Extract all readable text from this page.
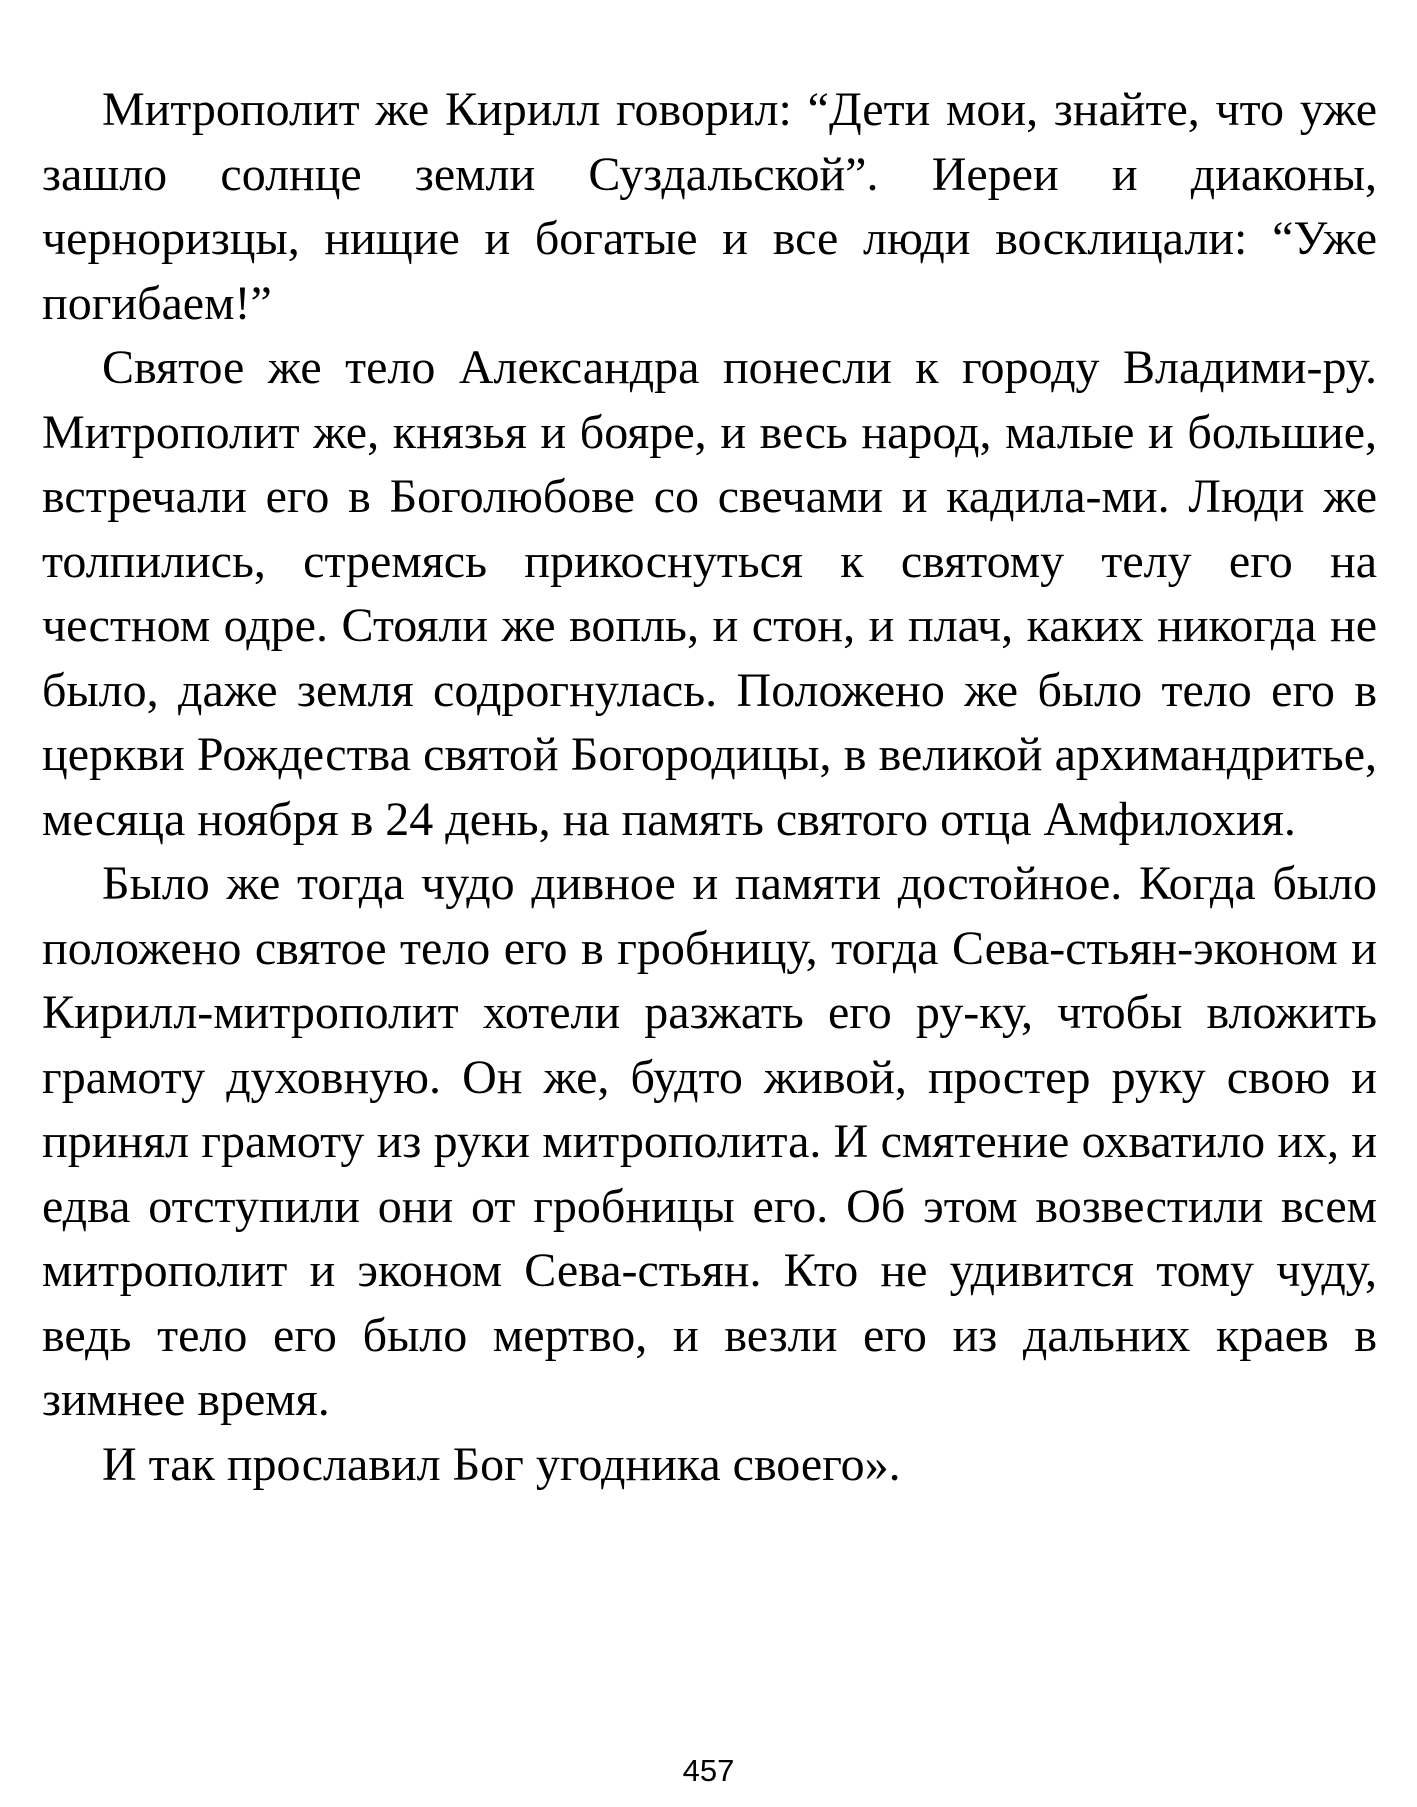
Митрополит же Кирилл говорил: “Дети мои, знайте, что уже зашло солнце земли Суздальской”. Иереи и диаконы, черноризцы, нищие и богатые и все люди восклицали: “Уже погибаем!”

Святое же тело Александра понесли к городу Владими-ру. Митрополит же, князья и бояре, и весь народ, малые и большие, встречали его в Боголюбове со свечами и кадила-ми. Люди же толпились, стремясь прикоснуться к святому телу его на честном одре. Стояли же вопль, и стон, и плач, каких никогда не было, даже земля содрогнулась. Положено же было тело его в церкви Рождества святой Богородицы, в великой архимандритье, месяца ноября в 24 день, на память святого отца Амфилохия.

Было же тогда чудо дивное и памяти достойное. Когда было положено святое тело его в гробницу, тогда Сева-стьян-эконом и Кирилл-митрополит хотели разжать его ру-ку, чтобы вложить грамоту духовную. Он же, будто живой, простер руку свою и принял грамоту из руки митрополита. И смятение охватило их, и едва отступили они от гробницы его. Об этом возвестили всем митрополит и эконом Сева-стьян. Кто не удивится тому чуду, ведь тело его было мертво, и везли его из дальних краев в зимнее время.

И так прославил Бог угодника своего».

457
